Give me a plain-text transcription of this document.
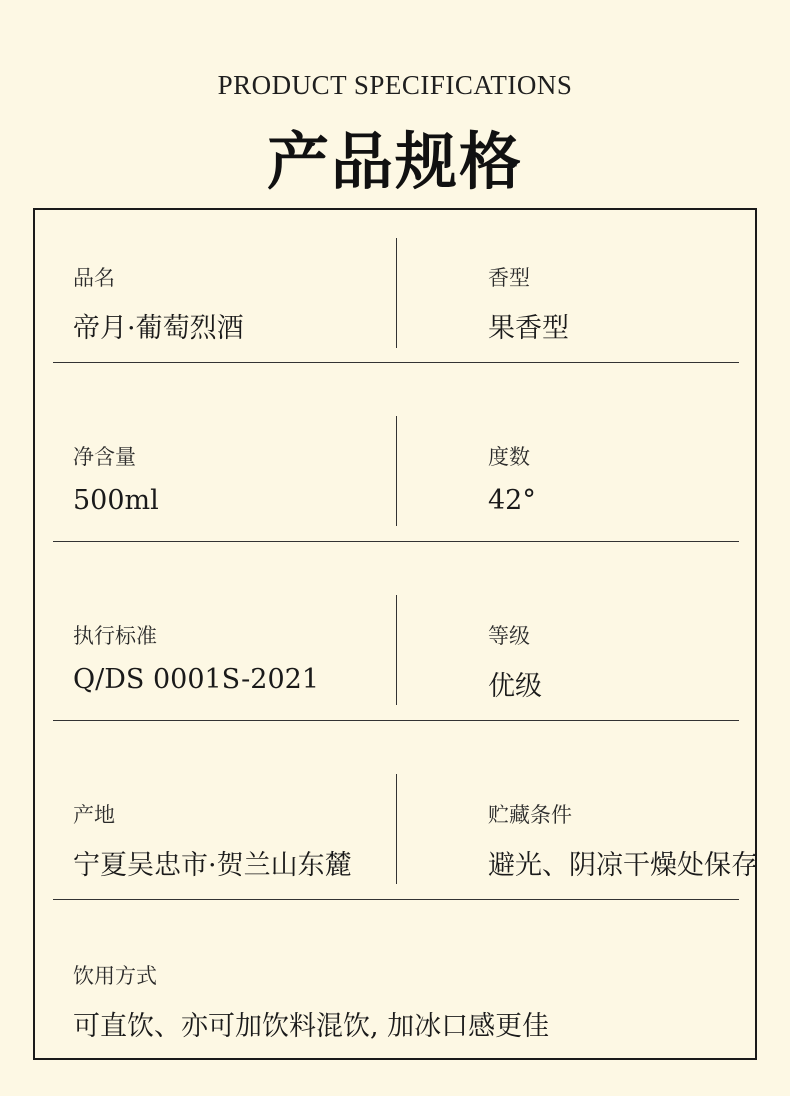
PRODUCT SPECIFICATIONS
产品规格
品名
帝月·葡萄烈酒
香型
果香型
净含量
500ml
度数
42°
执行标准
Q/DS 0001S-2021
等级
优级
产地
宁夏吴忠市·贺兰山东麓
贮藏条件
避光、阴凉干燥处保存
饮用方式
可直饮、亦可加饮料混饮, 加冰口感更佳
